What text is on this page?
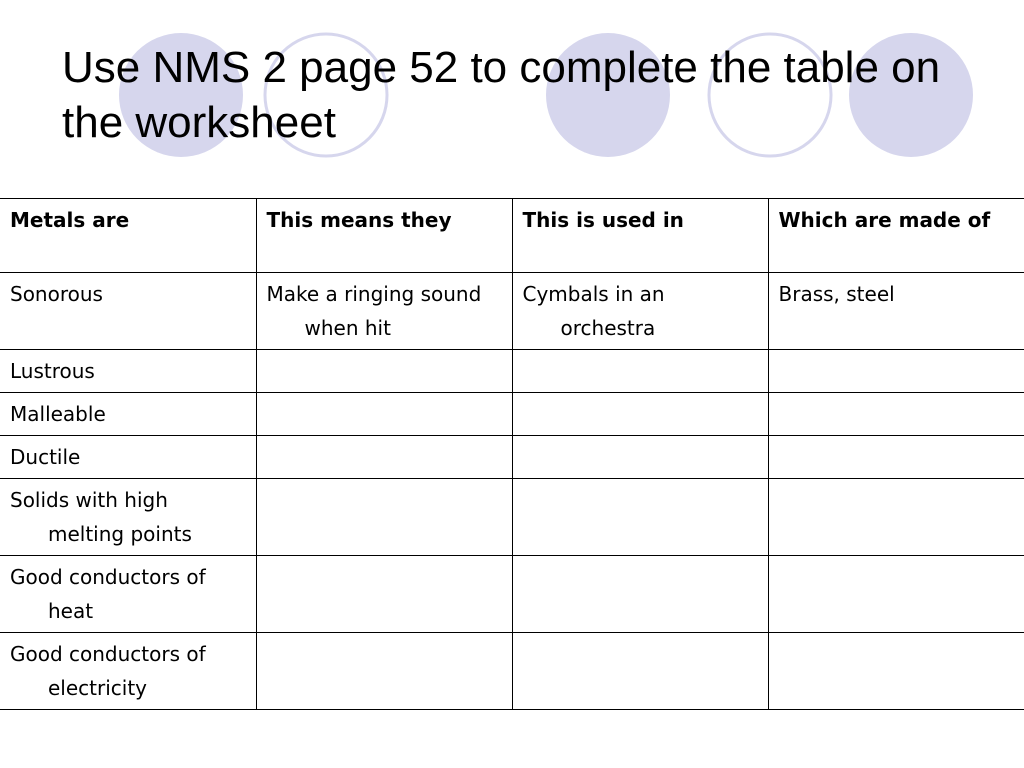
Use NMS 2 page 52 to complete the table on the worksheet
Metals are	This means they	This is used in	Which are made of
Sonorous	Make a ringing sound when hit	Cymbals in an orchestra	Brass, steel
Lustrous			
Malleable			
Ductile			
Solids with high melting points			
Good conductors of heat			
Good conductors of electricity			
